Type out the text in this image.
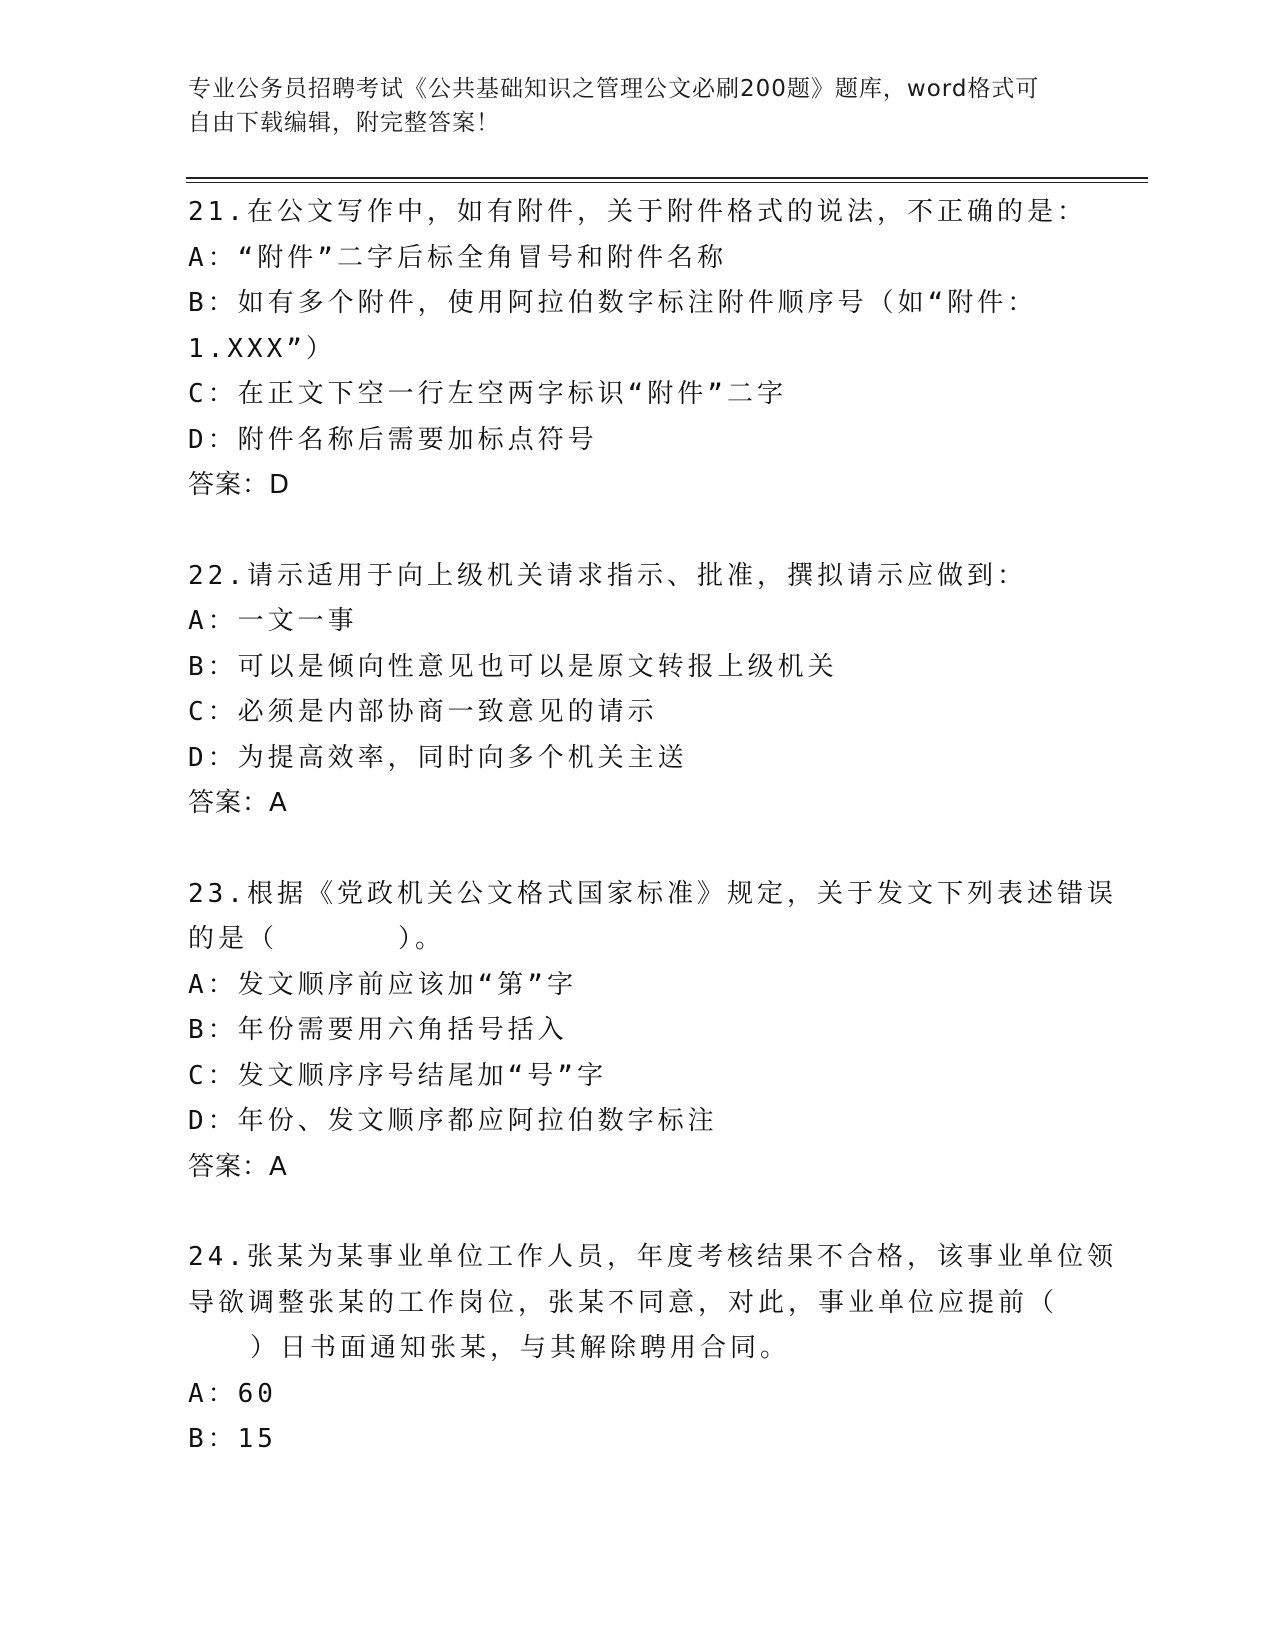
专业公务员招聘考试《公共基础知识之管理公文必刷200题》题库，word格式可
自由下载编辑，附完整答案！
21.在公文写作中，如有附件，关于附件格式的说法，不正确的是：
A：“附件”二字后标全角冒号和附件名称
B：如有多个附件，使用阿拉伯数字标注附件顺序号（如“附件：
1.XXX”）
C：在正文下空一行左空两字标识“附件”二字
D：附件名称后需要加标点符号
答案：D
22.请示适用于向上级机关请求指示、批准，撰拟请示应做到：
A：一文一事
B：可以是倾向性意见也可以是原文转报上级机关
C：必须是内部协商一致意见的请示
D：为提高效率，同时向多个机关主送
答案：A
23.根据《党政机关公文格式国家标准》规定，关于发文下列表述错误
的是（　　　　）。
A：发文顺序前应该加“第”字
B：年份需要用六角括号括入
C：发文顺序序号结尾加“号”字
D：年份、发文顺序都应阿拉伯数字标注
答案：A
24.张某为某事业单位工作人员，年度考核结果不合格，该事业单位领
导欲调整张某的工作岗位，张某不同意，对此，事业单位应提前（
）日书面通知张某，与其解除聘用合同。
A：60
B：15
